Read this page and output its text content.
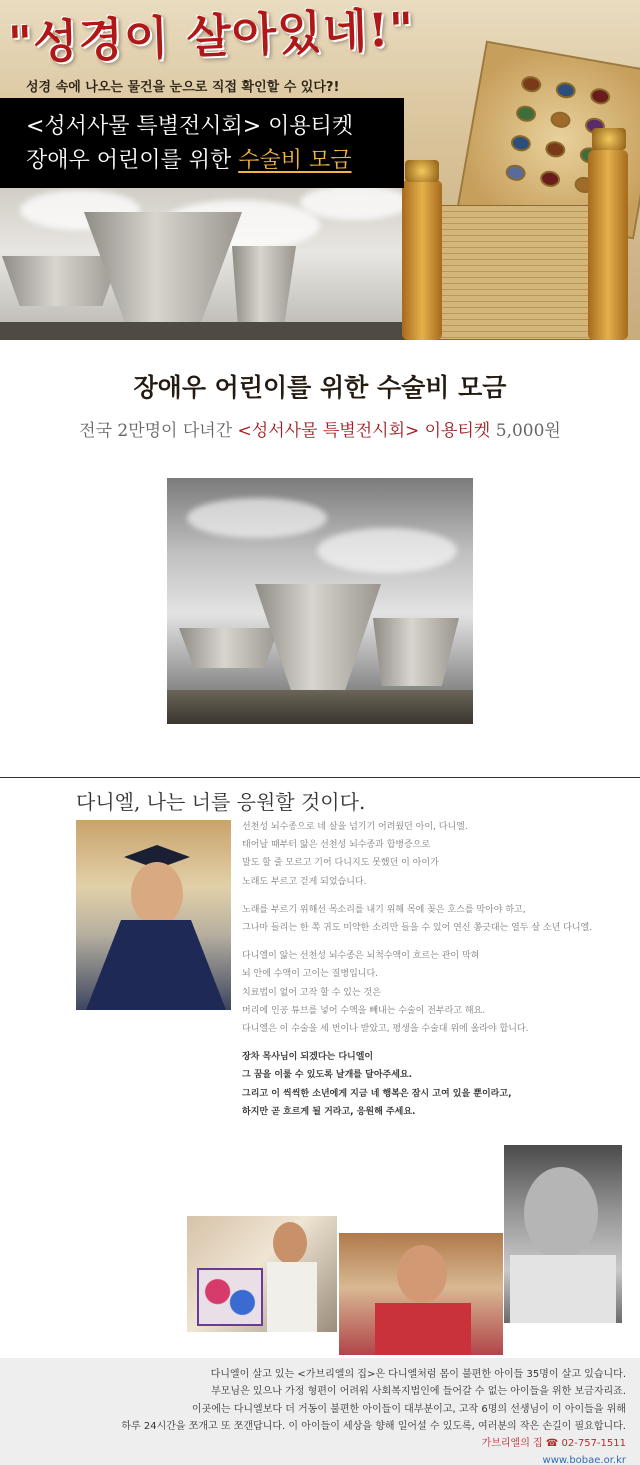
"성경이 살아있네!"
성경 속에 나오는 물건을 눈으로 직접 확인할 수 있다?!
<성서사물 특별전시회> 이용티켓
장애우 어린이를 위한 수술비 모금
장애우 어린이를 위한 수술비 모금
전국 2만명이 다녀간 <성서사물 특별전시회> 이용티켓 5,000원
다니엘, 나는 너를 응원할 것이다.

선천성 뇌수종으로 네 살을 넘기기 어려웠던 아이, 다니엘.
태어날 때부터 앓은 선천성 뇌수종과 합병증으로
말도 할 줄 모르고 기어 다니지도 못했던 이 아이가
노래도 부르고 걷게 되었습니다.

노래를 부르기 위해선 목소리를 내기 위해 목에 꽂은 호스를 막아야 하고,
그나마 들리는 한 쪽 귀도 미약한 소리만 들을 수 있어 연신 쫑긋대는 열두 살 소년 다니엘.

다니엘이 앓는 선천성 뇌수종은 뇌척수액이 흐르는 관이 막혀
뇌 안에 수액이 고이는 질병입니다.
치료법이 없어 고작 할 수 있는 것은
머리에 인공 튜브를 넣어 수액을 빼내는 수술이 전부라고 해요.
다니엘은 이 수술을 세 번이나 받았고, 평생을 수술대 위에 올라야 합니다.

장차 목사님이 되겠다는 다니엘이
그 꿈을 이룰 수 있도록 날개를 달아주세요.
그리고 이 씩씩한 소년에게 지금 네 행복은 잠시 고여 있을 뿐이라고,
하지만 곧 흐르게 될 거라고, 응원해 주세요.

다니엘이 살고 있는 <가브리엘의 집>은 다니엘처럼 몸이 불편한 아이들 35명이 살고 있습니다.
부모님은 있으나 가정 형편이 어려워 사회복지법인에 들어갈 수 없는 아이들을 위한 보금자리죠.
이곳에는 다니엘보다 더 거동이 불편한 아이들이 대부분이고, 고작 6명의 선생님이 이 아이들을 위해
하루 24시간을 쪼개고 또 쪼갠답니다. 이 아이들이 세상을 향해 일어설 수 있도록, 여러분의 작은 손길이 필요합니다.
가브리엘의 집 ☎ 02-757-1511
www.bobae.or.kr
